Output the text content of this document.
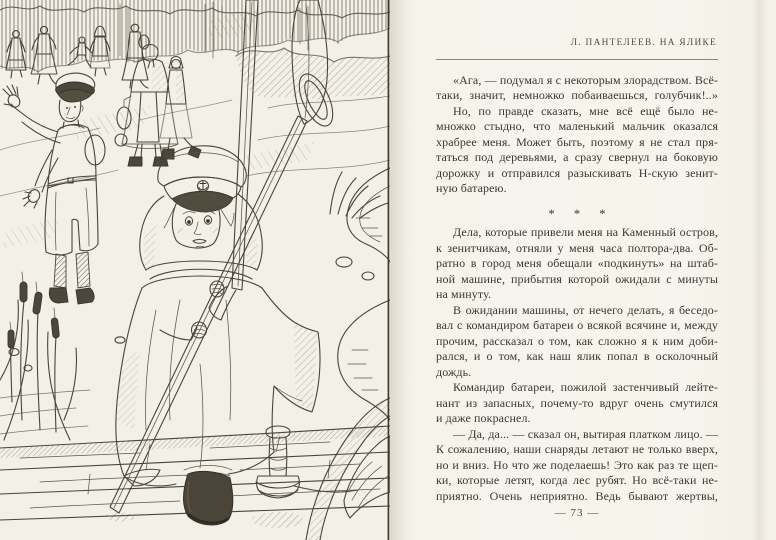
Л. ПАНТЕЛЕЕВ. НА ЯЛИКЕ
«Ага, — подумал я с некоторым злорадством. Всё-
таки, значит, немножко побаиваешься, голубчик!..»
Но, по правде сказать, мне всё ещё было не-
множко стыдно, что маленький мальчик оказался
храбрее меня. Может быть, поэтому я не стал пря-
таться под деревьями, а сразу свернул на боковую
дорожку и отправился разыскивать Н-скую зенит-
ную батарею.
* * *
Дела, которые привели меня на Каменный остров,
к зенитчикам, отняли у меня часа полтора-два. Об-
ратно в город меня обещали «подкинуть» на штаб-
ной машине, прибытия которой ожидали с минуты
на минуту.
В ожидании машины, от нечего делать, я беседо-
вал с командиром батареи о всякой всячине и, между
прочим, рассказал о том, как сложно я к ним доби-
рался, и о том, как наш ялик попал в осколочный
дождь.
Командир батареи, пожилой застенчивый лейте-
нант из запасных, почему-то вдруг очень смутился
и даже покраснел.
— Да, да... — сказал он, вытирая платком лицо. —
К сожалению, наши снаряды летают не только вверх,
но и вниз. Но что же поделаешь! Это как раз те щеп-
ки, которые летят, когда лес рубят. Но всё-таки не-
приятно. Очень неприятно. Ведь бывают жертвы,
— 73 —
